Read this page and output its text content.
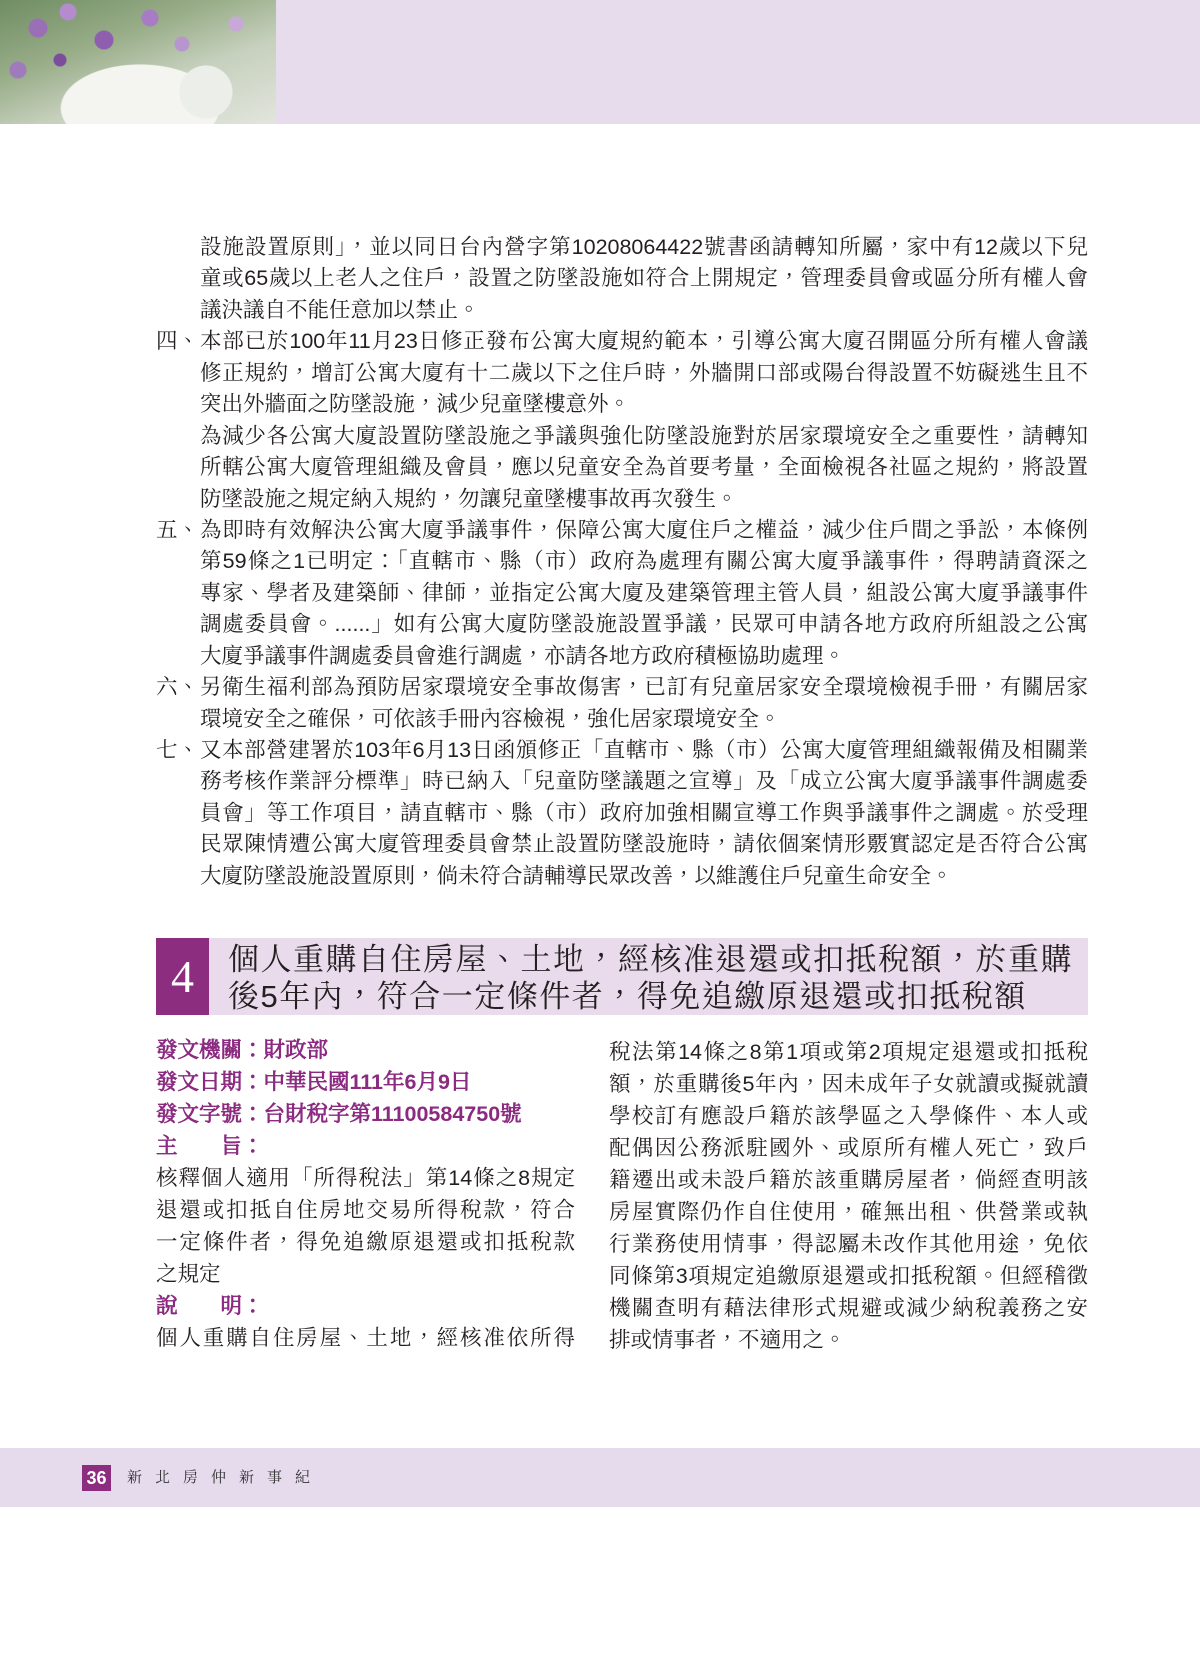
設施設置原則」，並以同日台內營字第10208064422號書函請轉知所屬，家中有12歲以下兒
童或65歲以上老人之住戶，設置之防墜設施如符合上開規定，管理委員會或區分所有權人會
議決議自不能任意加以禁止。
四、 本部已於100年11月23日修正發布公寓大廈規約範本，引導公寓大廈召開區分所有權人會議
修正規約，增訂公寓大廈有十二歲以下之住戶時，外牆開口部或陽台得設置不妨礙逃生且不
突出外牆面之防墜設施，減少兒童墜樓意外。
為減少各公寓大廈設置防墜設施之爭議與強化防墜設施對於居家環境安全之重要性，請轉知
所轄公寓大廈管理組織及會員，應以兒童安全為首要考量，全面檢視各社區之規約，將設置
防墜設施之規定納入規約，勿讓兒童墜樓事故再次發生。
五、 為即時有效解決公寓大廈爭議事件，保障公寓大廈住戶之權益，減少住戶間之爭訟，本條例
第59條之1已明定：「直轄市、縣（市）政府為處理有關公寓大廈爭議事件，得聘請資深之
專家、學者及建築師、律師，並指定公寓大廈及建築管理主管人員，組設公寓大廈爭議事件
調處委員會。......」如有公寓大廈防墜設施設置爭議，民眾可申請各地方政府所組設之公寓
大廈爭議事件調處委員會進行調處，亦請各地方政府積極協助處理。
六、 另衛生福利部為預防居家環境安全事故傷害，已訂有兒童居家安全環境檢視手冊，有關居家
環境安全之確保，可依該手冊內容檢視，強化居家環境安全。
七、 又本部營建署於103年6月13日函頒修正「直轄市、縣（市）公寓大廈管理組織報備及相關業
務考核作業評分標準」時已納入「兒童防墜議題之宣導」及「成立公寓大廈爭議事件調處委
員會」等工作項目，請直轄市、縣（市）政府加強相關宣導工作與爭議事件之調處。於受理
民眾陳情遭公寓大廈管理委員會禁止設置防墜設施時，請依個案情形覈實認定是否符合公寓
大廈防墜設施設置原則，倘未符合請輔導民眾改善，以維護住戶兒童生命安全。
4	個人重購自住房屋、土地，經核准退還或扣抵稅額，於重購
後5年內，符合一定條件者，得免追繳原退還或扣抵稅額
發文機關：財政部
發文日期：中華民國111年6月9日
發文字號：台財稅字第11100584750號
主　　旨：
核釋個人適用「所得稅法」第14條之8規定
退還或扣抵自住房地交易所得稅款，符合
一定條件者，得免追繳原退還或扣抵稅款
之規定
說　　明：
個人重購自住房屋、土地，經核准依所得
稅法第14條之8第1項或第2項規定退還或扣抵稅
額，於重購後5年內，因未成年子女就讀或擬就讀
學校訂有應設戶籍於該學區之入學條件、本人或
配偶因公務派駐國外、或原所有權人死亡，致戶
籍遷出或未設戶籍於該重購房屋者，倘經查明該
房屋實際仍作自住使用，確無出租、供營業或執
行業務使用情事，得認屬未改作其他用途，免依
同條第3項規定追繳原退還或扣抵稅額。但經稽徵
機關查明有藉法律形式規避或減少納稅義務之安
排或情事者，不適用之。
36 新北房仲新事紀
